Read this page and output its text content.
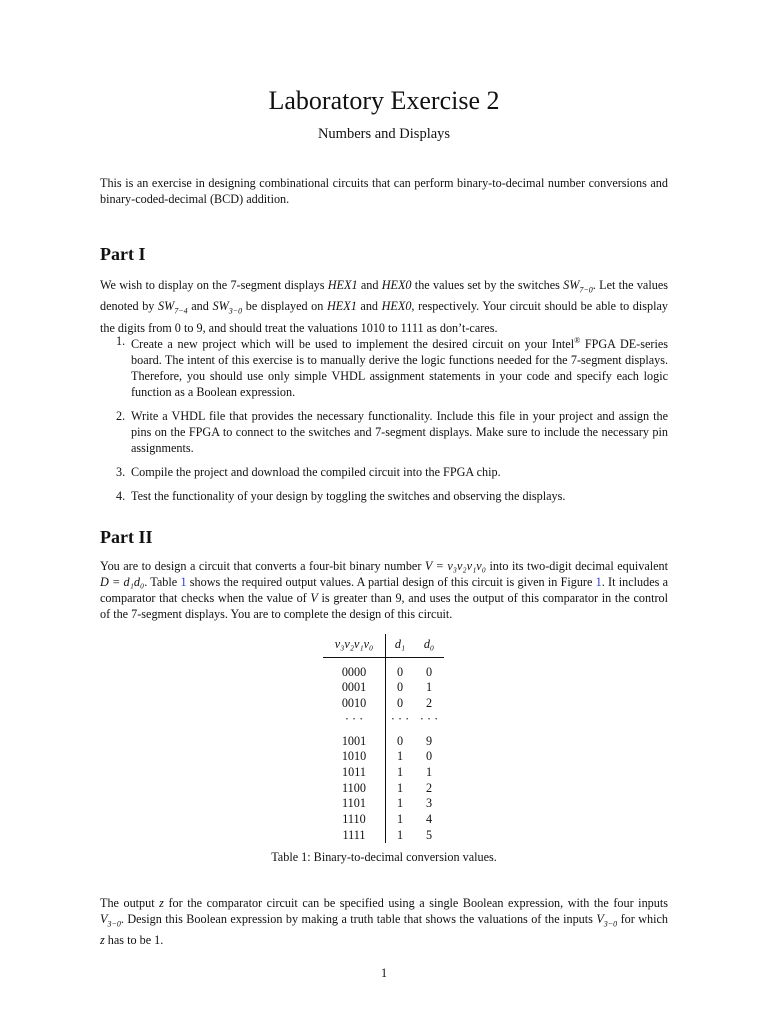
Laboratory Exercise 2
Numbers and Displays
This is an exercise in designing combinational circuits that can perform binary-to-decimal number conversions and binary-coded-decimal (BCD) addition.
Part I
We wish to display on the 7-segment displays HEX1 and HEX0 the values set by the switches $SW_{7-0}$. Let the values denoted by $SW_{7-4}$ and $SW_{3-0}$ be displayed on HEX1 and HEX0, respectively. Your circuit should be able to display the digits from 0 to 9, and should treat the valuations 1010 to 1111 as don’t-cares.
1. Create a new project which will be used to implement the desired circuit on your Intel® FPGA DE-series board. The intent of this exercise is to manually derive the logic functions needed for the 7-segment displays. Therefore, you should use only simple VHDL assignment statements in your code and specify each logic function as a Boolean expression.
2. Write a VHDL file that provides the necessary functionality. Include this file in your project and assign the pins on the FPGA to connect to the switches and 7-segment displays. Make sure to include the necessary pin assignments.
3. Compile the project and download the compiled circuit into the FPGA chip.
4. Test the functionality of your design by toggling the switches and observing the displays.
Part II
You are to design a circuit that converts a four-bit binary number V = v₃v₂v₁v₀ into its two-digit decimal equivalent D = d₁d₀. Table 1 shows the required output values. A partial design of this circuit is given in Figure 1. It includes a comparator that checks when the value of V is greater than 9, and uses the output of this comparator in the control of the 7-segment displays. You are to complete the design of this circuit.
v₃v₂v₁v₀	d₁	d₀
0000	0	0
0001	0	1
0010	0	2
· · ·	· · ·	· · ·
1001	0	9
1010	1	0
1011	1	1
1100	1	2
1101	1	3
1110	1	4
1111	1	5
Table 1: Binary-to-decimal conversion values.
The output z for the comparator circuit can be specified using a single Boolean expression, with the four inputs $V_{3-0}$. Design this Boolean expression by making a truth table that shows the valuations of the inputs $V_{3-0}$ for which z has to be 1.
1
